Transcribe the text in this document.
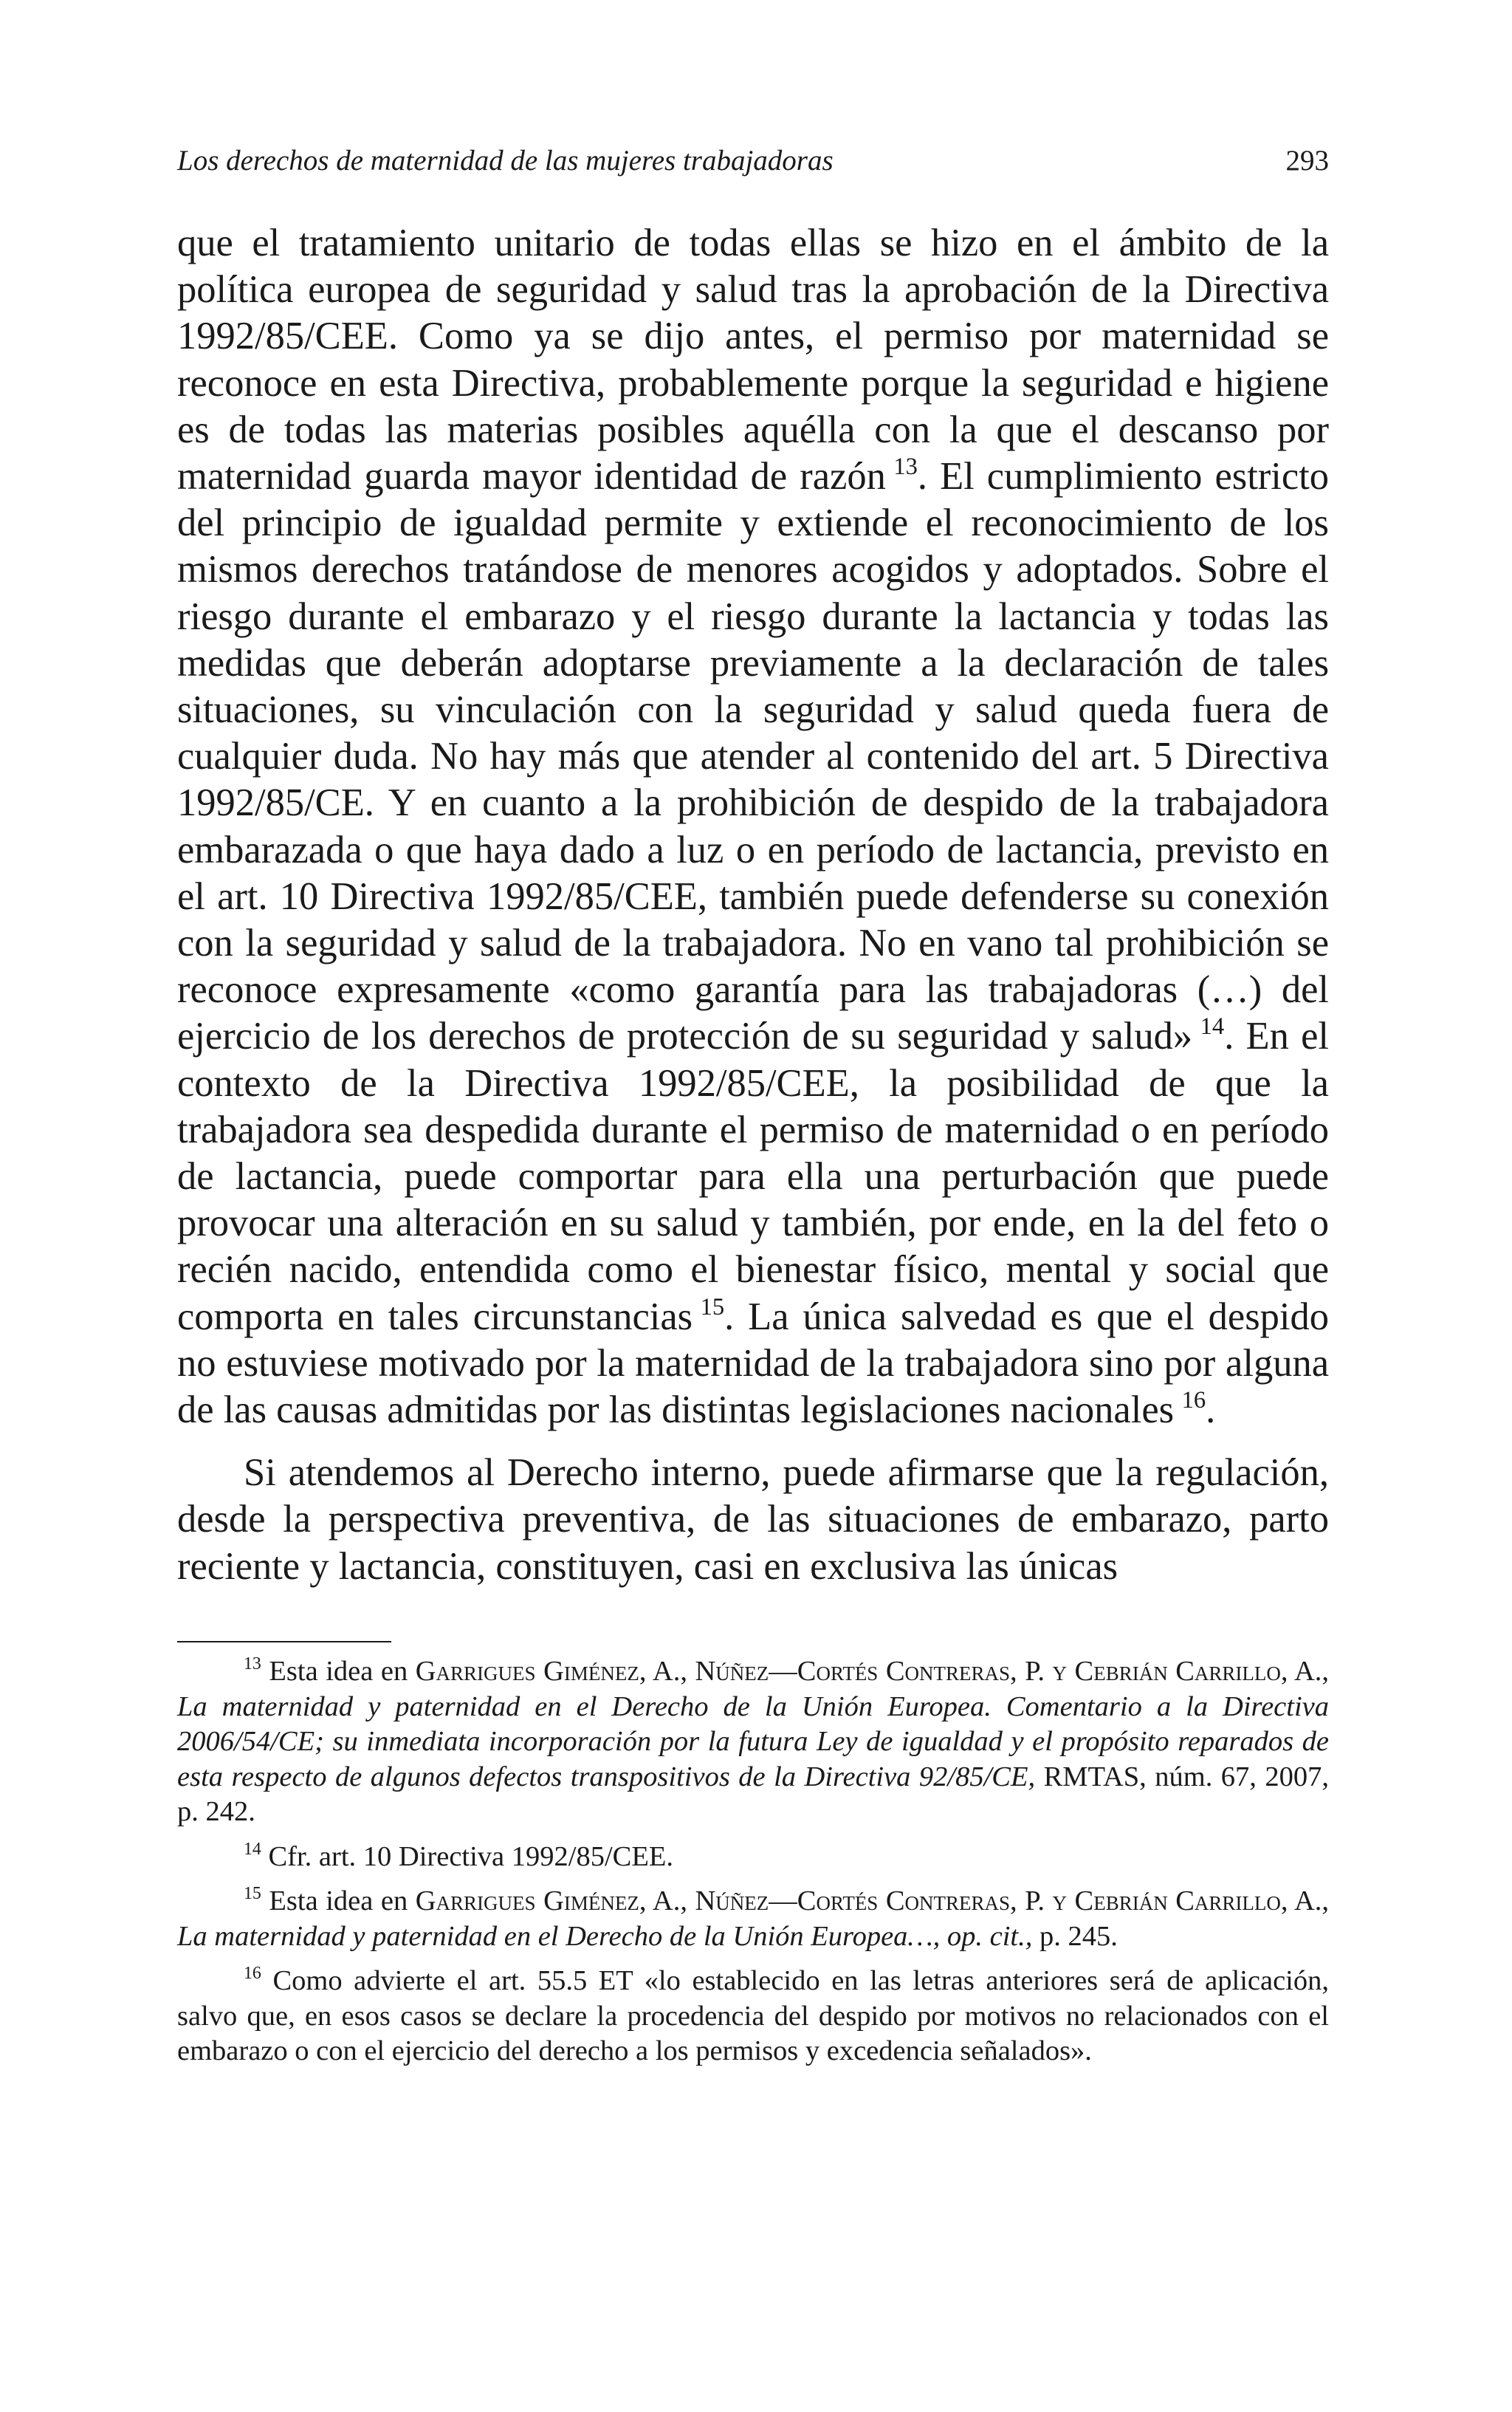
Los derechos de maternidad de las mujeres trabajadoras	293

que el tratamiento unitario de todas ellas se hizo en el ámbito de la política europea de seguridad y salud tras la aprobación de la Directiva 1992/85/CEE. Como ya se dijo antes, el permiso por maternidad se reconoce en esta Directiva, probablemente porque la seguridad e higiene es de todas las materias posibles aquélla con la que el descanso por maternidad guarda mayor identidad de razón  $^{13}$. El cumplimiento estricto del principio de igualdad permite y extiende el reconocimiento de los mismos derechos tratándose de menores acogidos y adoptados. Sobre el riesgo durante el embarazo y el riesgo durante la lactancia y todas las medidas que deberán adoptarse previamente a la declaración de tales situaciones, su vinculación con la seguridad y salud queda fuera de cualquier duda. No hay más que atender al contenido del art. 5 Directiva 1992/85/CE. Y en cuanto a la prohibición de despido de la trabajadora embarazada o que haya dado a luz o en período de lactancia, previsto en el art. 10 Directiva 1992/85/CEE, también puede defenderse su conexión con la seguridad y salud de la trabajadora. No en vano tal prohibición se reconoce expresamente «como garantía para las trabajadoras (…) del ejercicio de los derechos de protección de su seguridad y salud»  $^{14}$. En el contexto de la Directiva 1992/85/CEE, la posibilidad de que la trabajadora sea despedida durante el permiso de maternidad o en período de lactancia, puede comportar para ella una perturbación que puede provocar una alteración en su salud y también, por ende, en la del feto o recién nacido, entendida como el bienestar físico, mental y social que comporta en tales circunstancias  $^{15}$. La única salvedad es que el despido no estuviese motivado por la maternidad de la trabajadora sino por alguna de las causas admitidas por las distintas legislaciones nacionales  $^{16}$.

Si atendemos al Derecho interno, puede afirmarse que la regulación, desde la perspectiva preventiva, de las situaciones de embarazo, parto reciente y lactancia, constituyen, casi en exclusiva las únicas

$^{13}$ Esta idea en Garrigues Giménez, A., Núñez—Cortés Contreras, P. y Cebrián Carrillo, A., La maternidad y paternidad en el Derecho de la Unión Europea. Comentario a la Directiva 2006/54/CE; su inmediata incorporación por la futura Ley de igualdad y el propósito reparados de esta respecto de algunos defectos transpositivos de la Directiva 92/85/CE, RMTAS, núm. 67, 2007, p. 242.

$^{14}$ Cfr. art. 10 Directiva 1992/85/CEE.

$^{15}$ Esta idea en Garrigues Giménez, A., Núñez—Cortés Contreras, P. y Cebrián Carrillo, A., La maternidad y paternidad en el Derecho de la Unión Europea…, op. cit., p. 245.

$^{16}$ Como advierte el art. 55.5 ET «lo establecido en las letras anteriores será de aplicación, salvo que, en esos casos se declare la procedencia del despido por motivos no relacionados con el embarazo o con el ejercicio del derecho a los permisos y excedencia señalados».
